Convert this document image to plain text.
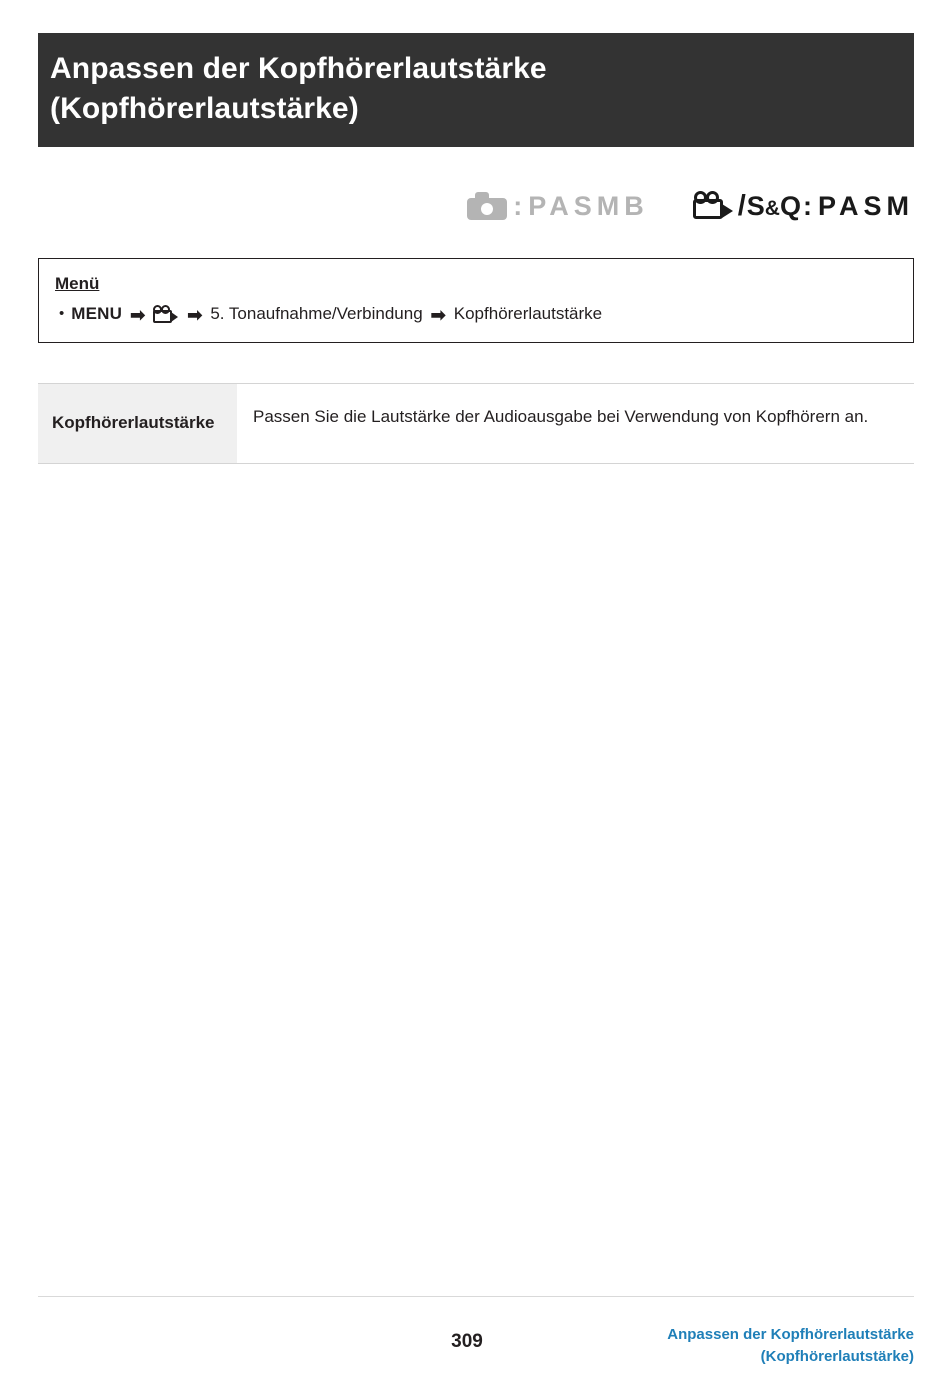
Anpassen der Kopfhörerlautstärke
(Kopfhörerlautstärke)
: PASMB	/ S&Q : PASM
Menü
• MENU ➡ ➡ 5. Tonaufnahme/Verbindung ➡ Kopfhörerlautstärke
Kopfhörerlautstärke	Passen Sie die Lautstärke der Audioausgabe bei Verwendung von Kopfhörern an.
309	Anpassen der Kopfhörerlautstärke
(Kopfhörerlautstärke)
